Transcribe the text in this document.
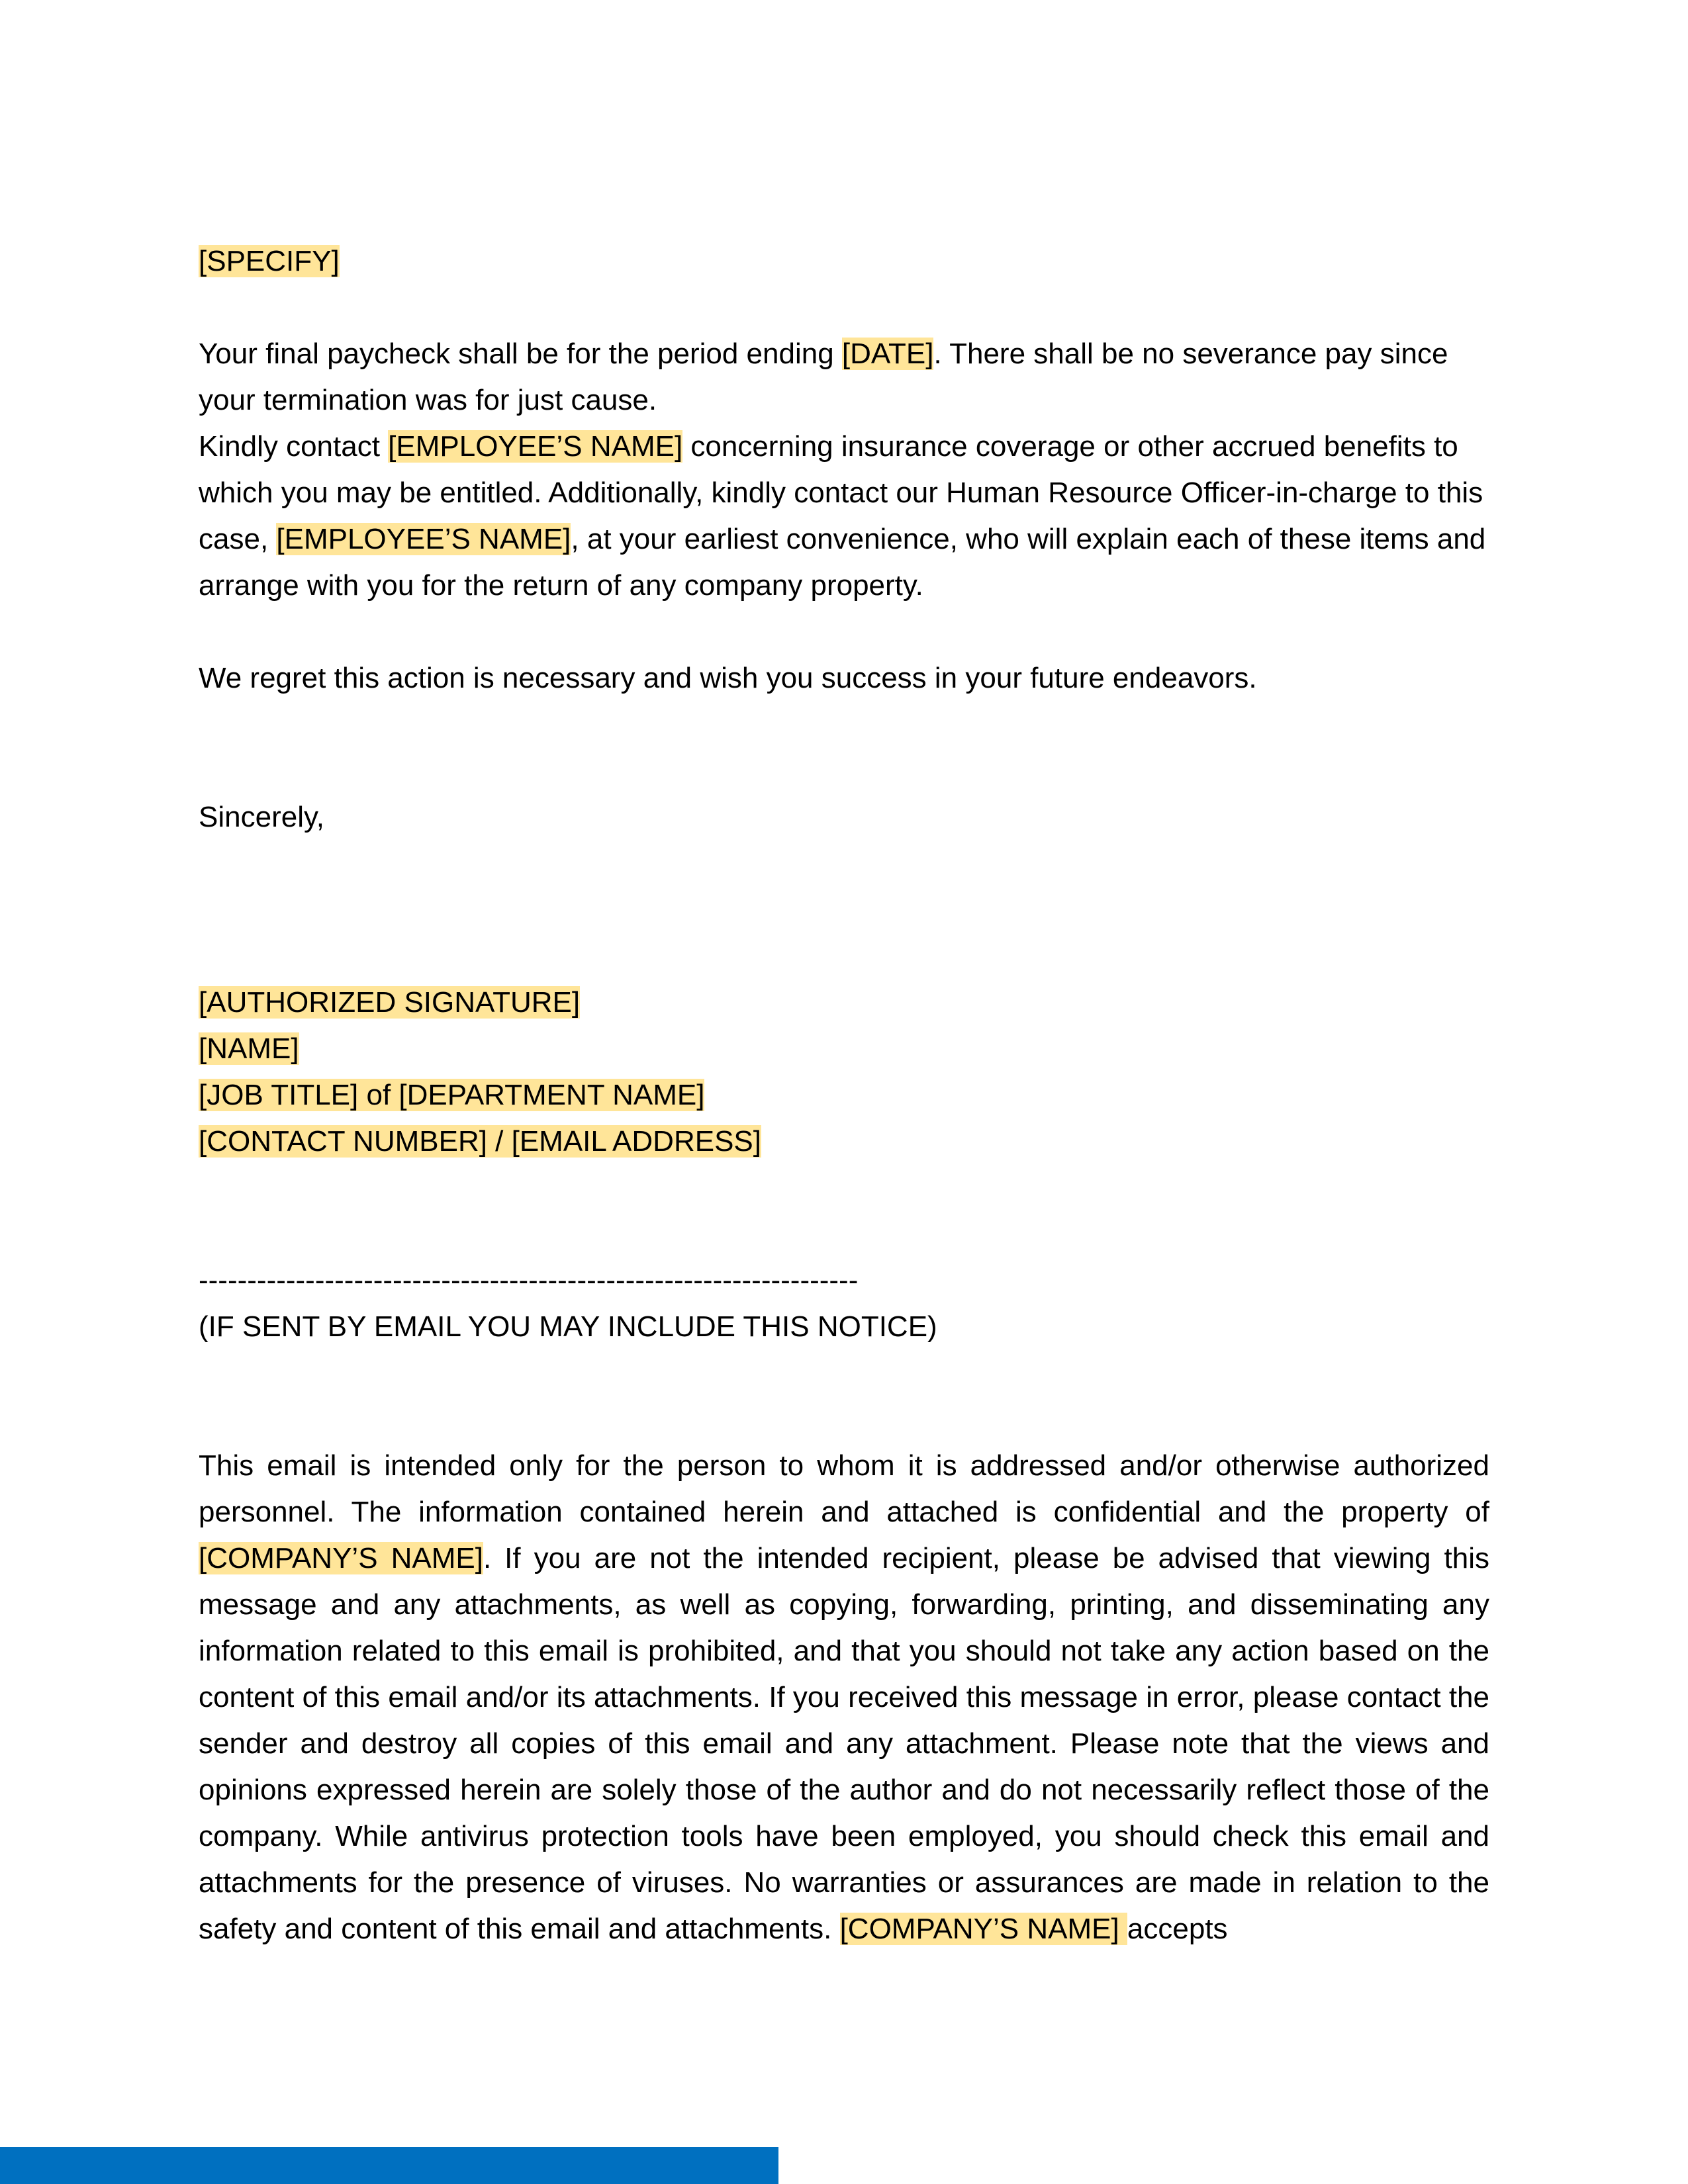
[SPECIFY]

Your final paycheck shall be for the period ending [DATE]. There shall be no severance pay since your termination was for just cause.

Kindly contact [EMPLOYEE’S NAME] concerning insurance coverage or other accrued benefits to which you may be entitled. Additionally, kindly contact our Human Resource Officer-in-charge to this case, [EMPLOYEE’S NAME], at your earliest convenience, who will explain each of these items and arrange with you for the return of any company property.

We regret this action is necessary and wish you success in your future endeavors.

Sincerely,

[AUTHORIZED SIGNATURE]

[NAME]

[JOB TITLE] of [DEPARTMENT NAME]

[CONTACT NUMBER] / [EMAIL ADDRESS]

--------------------------------------------------------------------

(IF SENT BY EMAIL YOU MAY INCLUDE THIS NOTICE)

This email is intended only for the person to whom it is addressed and/or otherwise authorized personnel. The information contained herein and attached is confidential and the property of [COMPANY’S NAME]. If you are not the intended recipient, please be advised that viewing this message and any attachments, as well as copying, forwarding, printing, and disseminating any information related to this email is prohibited, and that you should not take any action based on the content of this email and/or its attachments. If you received this message in error, please contact the sender and destroy all copies of this email and any attachment. Please note that the views and opinions expressed herein are solely those of the author and do not necessarily reflect those of the company. While antivirus protection tools have been employed, you should check this email and attachments for the presence of viruses. No warranties or assurances are made in relation to the safety and content of this email and attachments. [COMPANY’S NAME] accepts
